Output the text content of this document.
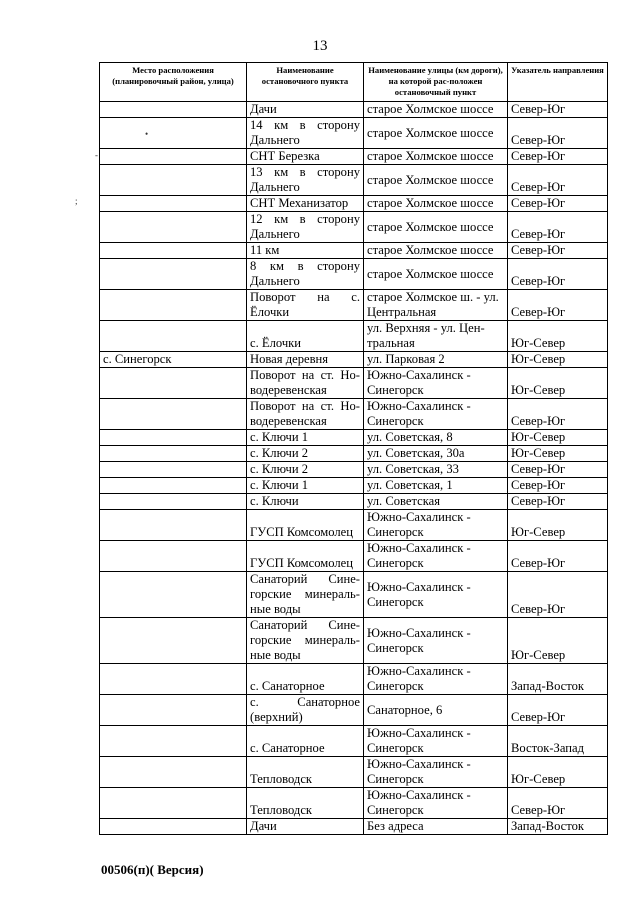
13
•
-
;
Место расположения (планировочный район, улица)	Наименование остановочного пункта	Наименование улицы (км дороги), на которой рас-положен остановочный пункт	Указатель направления
	Дачи	старое Холмское шоссе	Север-Юг
	14 км в сторону Дальнего	старое Холмское шоссе	Север-Юг
	СНТ Березка	старое Холмское шоссе	Север-Юг
	13 км в сторону Дальнего	старое Холмское шоссе	Север-Юг
	СНТ Механизатор	старое Холмское шоссе	Север-Юг
	12 км в сторону Дальнего	старое Холмское шоссе	Север-Юг
	11 км	старое Холмское шоссе	Север-Юг
	8 км в сторону Дальнего	старое Холмское шоссе	Север-Юг
	Поворот на с. Ёлочки	старое Холмское ш. - ул. Центральная	Север-Юг
	с. Ёлочки	ул. Верхняя - ул. Цен-тральная	Юг-Север
с. Синегорск	Новая деревня	ул. Парковая 2	Юг-Север
	Поворот на ст. Но-водеревенская	Южно-Сахалинск - Синегорск	Юг-Север
	Поворот на ст. Но-водеревенская	Южно-Сахалинск - Синегорск	Север-Юг
	с. Ключи 1	ул. Советская, 8	Юг-Север
	с. Ключи 2	ул. Советская, 30а	Юг-Север
	с. Ключи 2	ул. Советская, 33	Север-Юг
	с. Ключи 1	ул. Советская, 1	Север-Юг
	с. Ключи	ул. Советская	Север-Юг
	ГУСП Комсомолец	Южно-Сахалинск - Синегорск	Юг-Север
	ГУСП Комсомолец	Южно-Сахалинск - Синегорск	Север-Юг
	Санаторий Сине-горские минераль-ные воды	Южно-Сахалинск - Синегорск	Север-Юг
	Санаторий Сине-горские минераль-ные воды	Южно-Сахалинск - Синегорск	Юг-Север
	с. Санаторное	Южно-Сахалинск - Синегорск	Запад-Восток
	с. Санаторное (верхний)	Санаторное, 6	Север-Юг
	с. Санаторное	Южно-Сахалинск - Синегорск	Восток-Запад
	Тепловодск	Южно-Сахалинск - Синегорск	Юг-Север
	Тепловодск	Южно-Сахалинск - Синегорск	Север-Юг
	Дачи	Без адреса	Запад-Восток
00506(п)( Версия)
